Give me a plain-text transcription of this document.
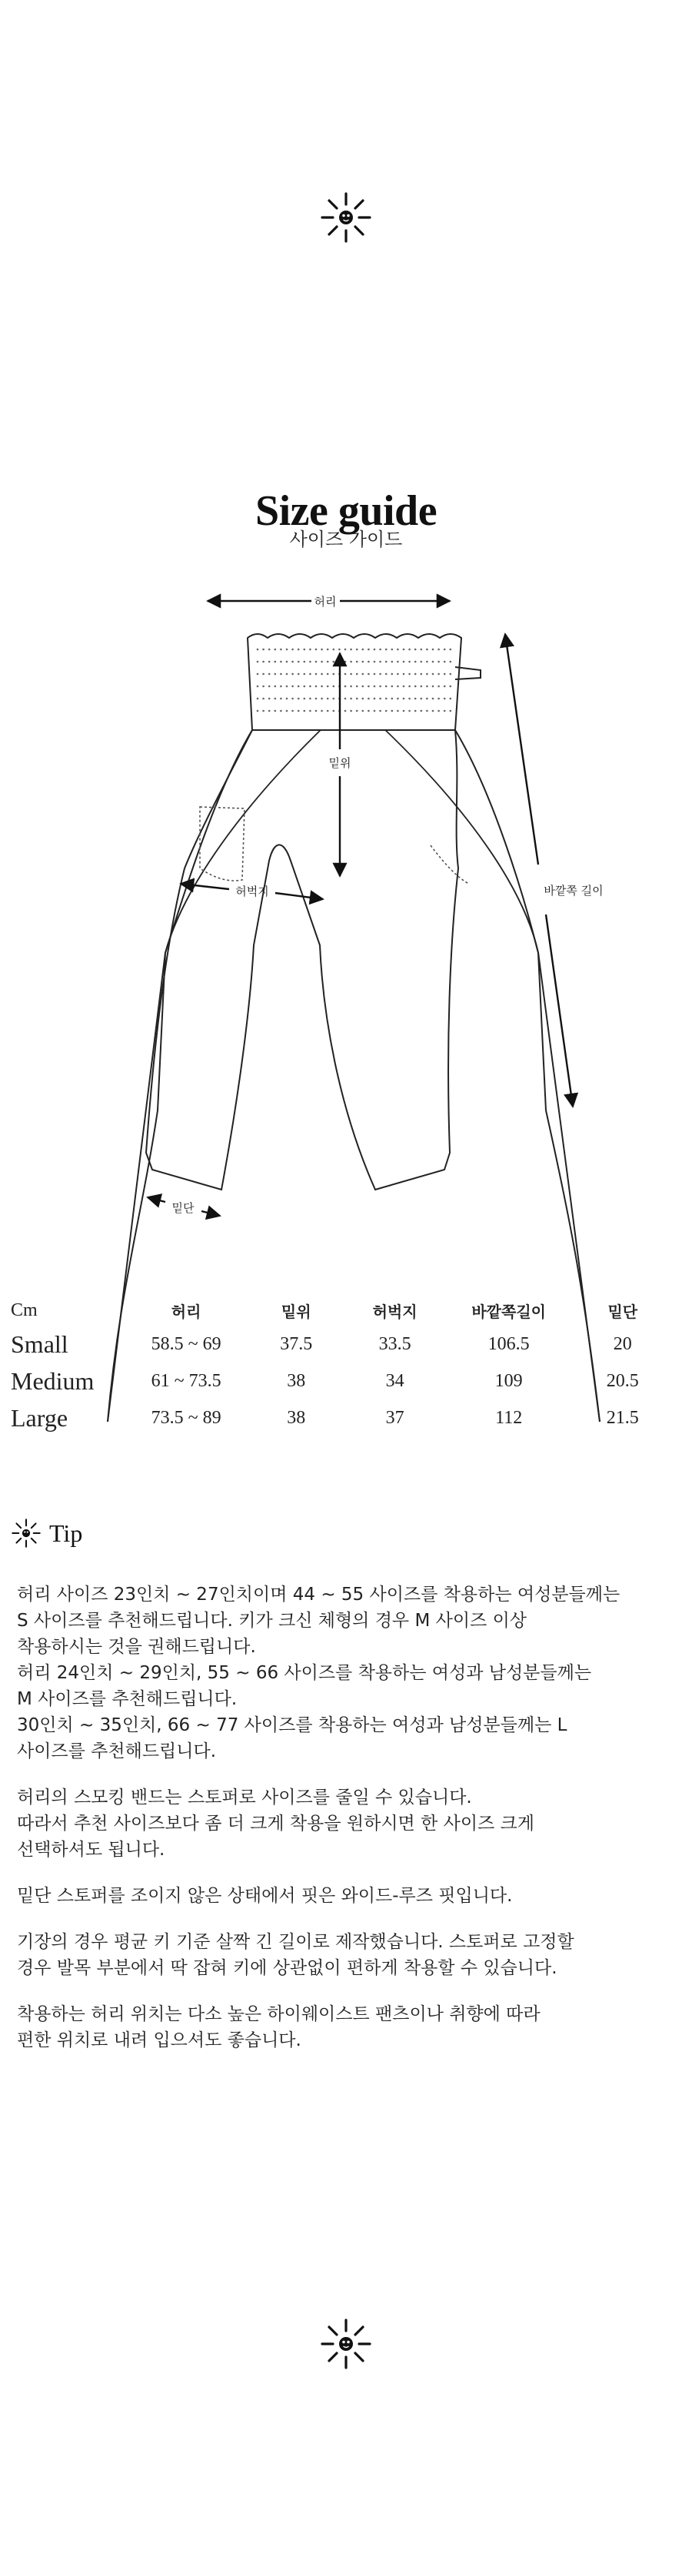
Size guide
사이즈 가이드
허리
밑위
허벅지	바깥쪽 길이
밑단
Cm	허리	밑위	허벅지	바깥쪽길이	밑단
Small	58.5 ~ 69	37.5	33.5	106.5	20
Medium	61 ~ 73.5	38	34	109	20.5
Large	73.5 ~ 89	38	37	112	21.5
Tip
허리 사이즈 23인치 ~ 27인치이며 44 ~ 55 사이즈를 착용하는 여성분들께는
S 사이즈를 추천해드립니다. 키가 크신 체형의 경우 M 사이즈 이상
착용하시는 것을 권해드립니다.
허리 24인치 ~ 29인치, 55 ~ 66 사이즈를 착용하는 여성과 남성분들께는
M 사이즈를 추천해드립니다.
30인치 ~ 35인치, 66 ~ 77 사이즈를 착용하는 여성과 남성분들께는 L
사이즈를 추천해드립니다.
허리의 스모킹 밴드는 스토퍼로 사이즈를 줄일 수 있습니다.
따라서 추천 사이즈보다 좀 더 크게 착용을 원하시면 한 사이즈 크게
선택하셔도 됩니다.
밑단 스토퍼를 조이지 않은 상태에서 핏은 와이드-루즈 핏입니다.
기장의 경우 평균 키 기준 살짝 긴 길이로 제작했습니다. 스토퍼로 고정할
경우 발목 부분에서 딱 잡혀 키에 상관없이 편하게 착용할 수 있습니다.
착용하는 허리 위치는 다소 높은 하이웨이스트 팬츠이나 취향에 따라
편한 위치로 내려 입으셔도 좋습니다.
